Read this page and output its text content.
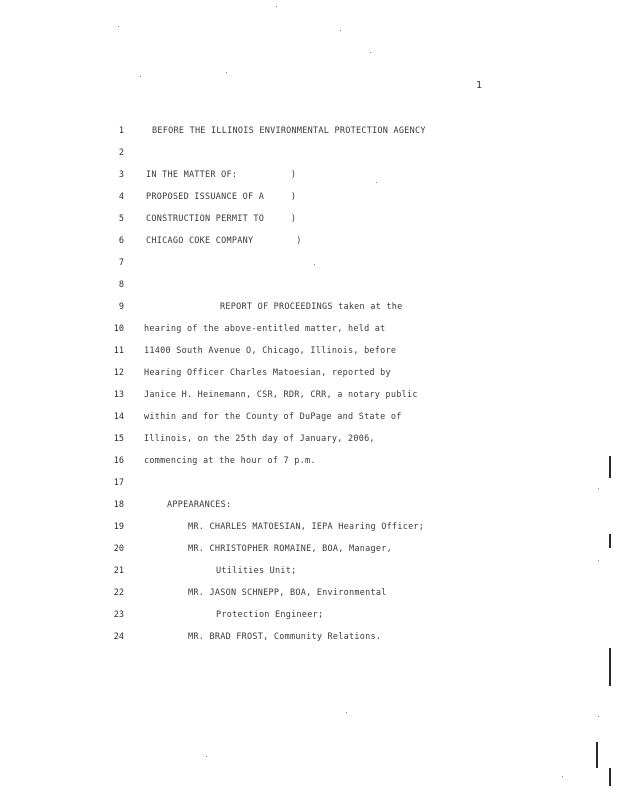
1
1	BEFORE THE ILLINOIS ENVIRONMENTAL PROTECTION AGENCY
2
3	IN THE MATTER OF:          )
4	PROPOSED ISSUANCE OF A     )
5	CONSTRUCTION PERMIT TO     )
6	CHICAGO COKE COMPANY        )
7
8
9	REPORT OF PROCEEDINGS taken at the
10 hearing of the above-entitled matter, held at
11 11400 South Avenue O, Chicago, Illinois, before
12 Hearing Officer Charles Matoesian, reported by
13 Janice H. Heinemann, CSR, RDR, CRR, a notary public
14 within and for the County of DuPage and State of
15 Illinois, on the 25th day of January, 2006,
16 commencing at the hour of 7 p.m.
17
18	APPEARANCES:
19	MR. CHARLES MATOESIAN, IEPA Hearing Officer;
20	MR. CHRISTOPHER ROMAINE, BOA, Manager,
21	Utilities Unit;
22	MR. JASON SCHNEPP, BOA, Environmental
23	Protection Engineer;
24	MR. BRAD FROST, Community Relations.
